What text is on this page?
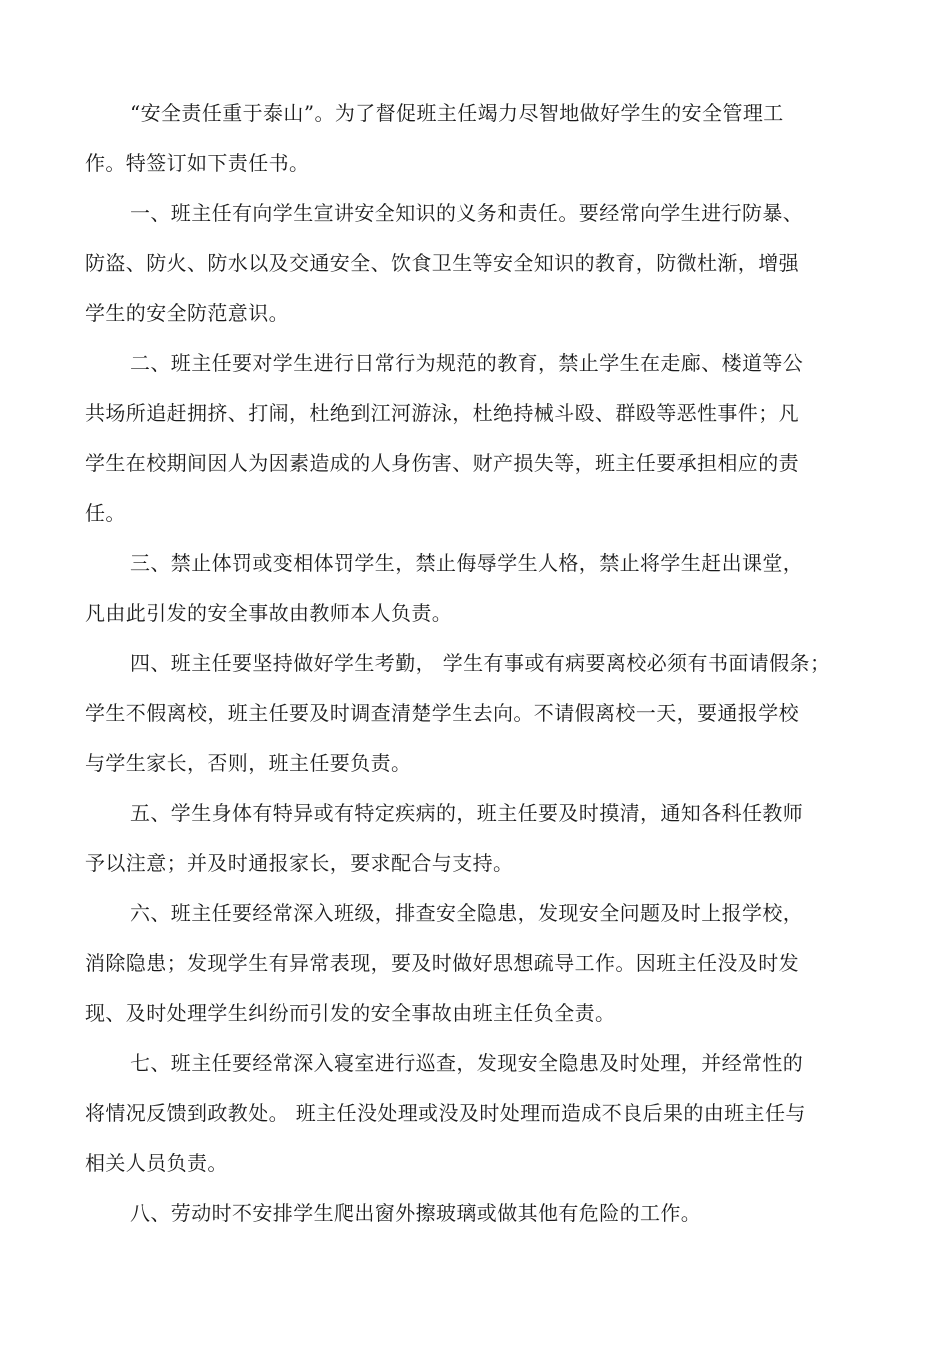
“安全责任重于泰山”。为了督促班主任竭力尽智地做好学生的安全管理工
作。特签订如下责任书。
一、班主任有向学生宣讲安全知识的义务和责任。要经常向学生进行防暴、
防盗、防火、防水以及交通安全、饮食卫生等安全知识的教育，防微杜渐，增强
学生的安全防范意识。
二、班主任要对学生进行日常行为规范的教育，禁止学生在走廊、楼道等公
共场所追赶拥挤、打闹，杜绝到江河游泳，杜绝持械斗殴、群殴等恶性事件；凡
学生在校期间因人为因素造成的人身伤害、财产损失等，班主任要承担相应的责
任。
三、禁止体罚或变相体罚学生，禁止侮辱学生人格，禁止将学生赶出课堂，
凡由此引发的安全事故由教师本人负责。
四、班主任要坚持做好学生考勤， 学生有事或有病要离校必须有书面请假条；
学生不假离校，班主任要及时调查清楚学生去向。不请假离校一天，要通报学校
与学生家长，否则，班主任要负责。
五、学生身体有特异或有特定疾病的，班主任要及时摸清，通知各科任教师
予以注意；并及时通报家长，要求配合与支持。
六、班主任要经常深入班级，排查安全隐患，发现安全问题及时上报学校，
消除隐患；发现学生有异常表现，要及时做好思想疏导工作。因班主任没及时发
现、及时处理学生纠纷而引发的安全事故由班主任负全责。
七、班主任要经常深入寝室进行巡查，发现安全隐患及时处理，并经常性的
将情况反馈到政教处。 班主任没处理或没及时处理而造成不良后果的由班主任与
相关人员负责。
八、劳动时不安排学生爬出窗外擦玻璃或做其他有危险的工作。
